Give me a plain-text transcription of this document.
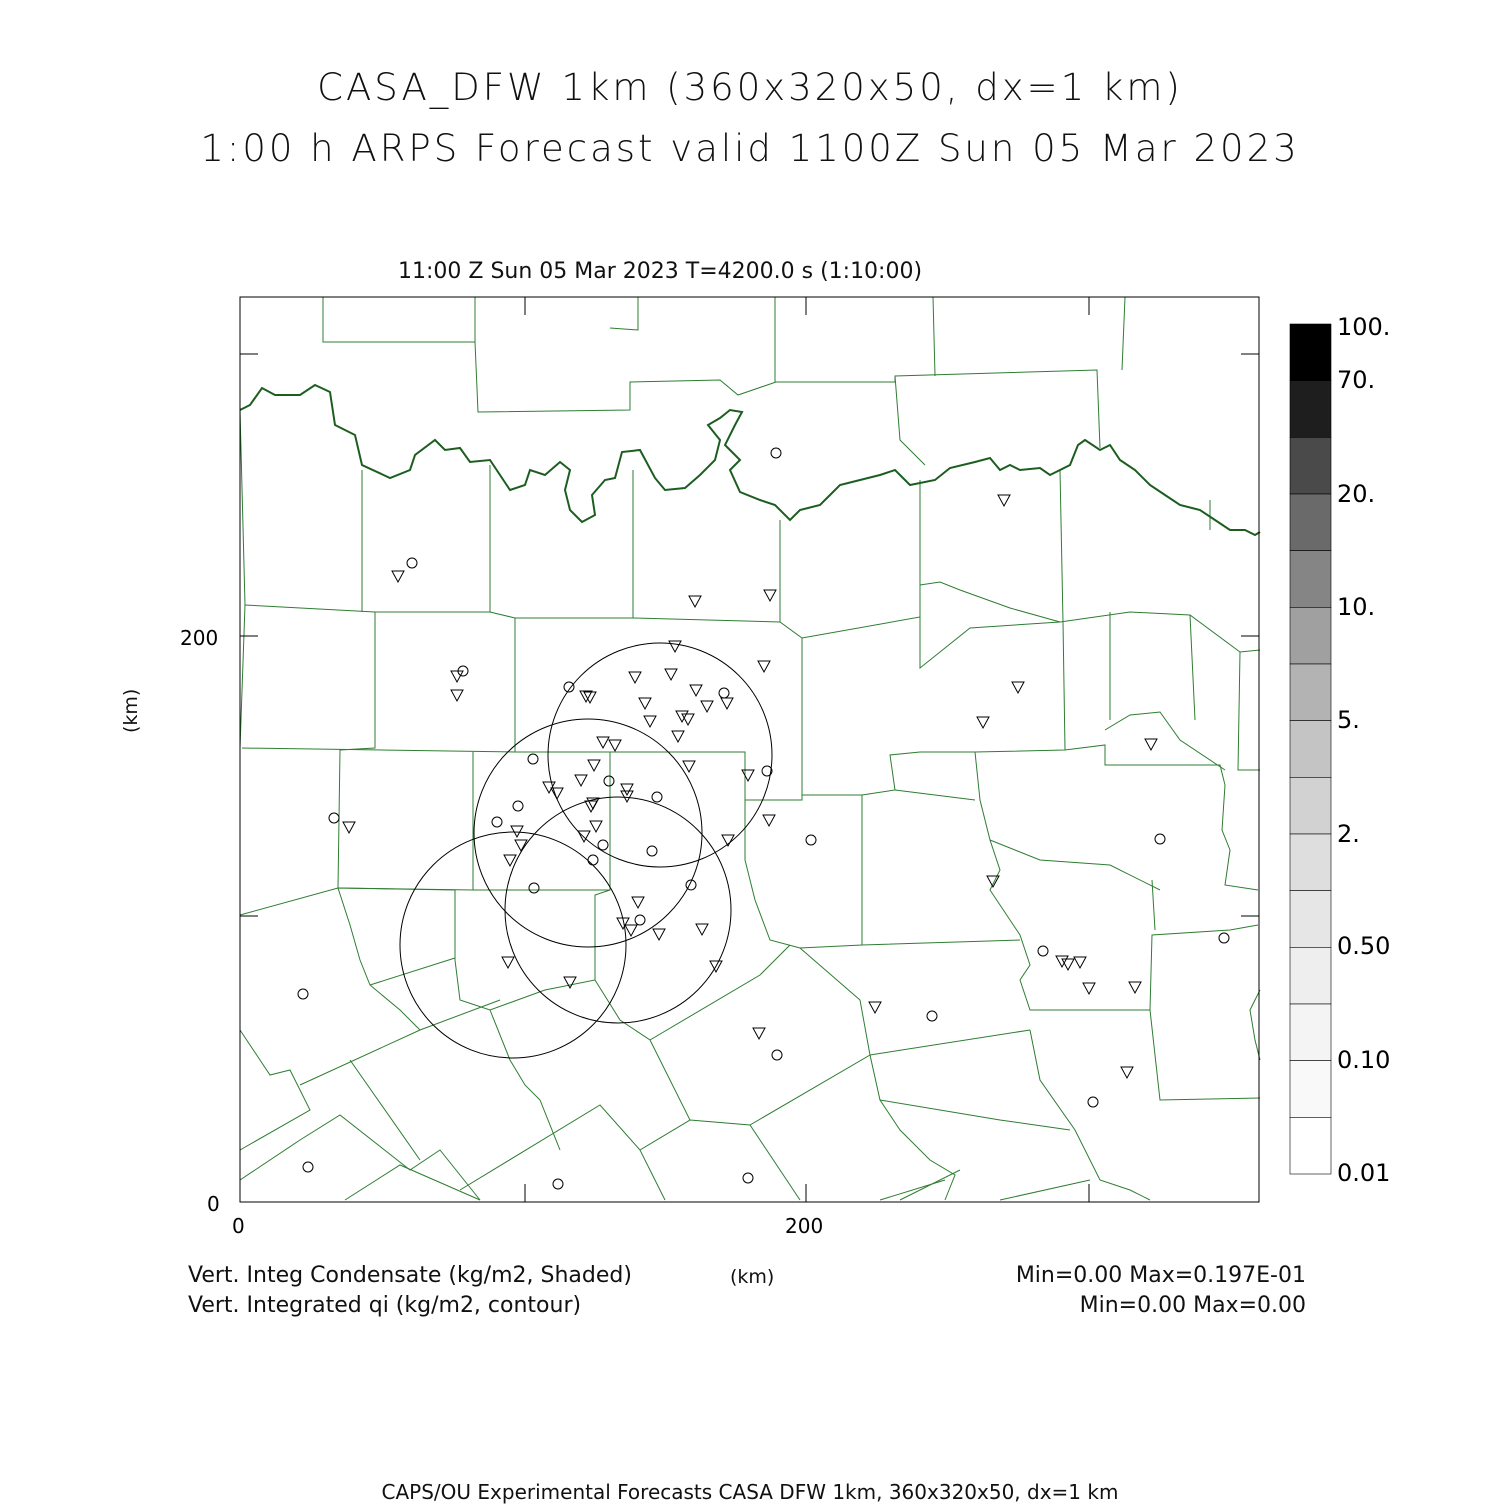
CASA_DFW 1km (360x320x50, dx=1 km)
1:00 h ARPS Forecast valid 1100Z Sun 05 Mar 2023
11:00 Z Sun 05 Mar 2023 T=4200.0 s (1:10:00)
200
0
0	200
(km)
(km)
Vert. Integ Condensate (kg/m2, Shaded)
Vert. Integrated qi (kg/m2, contour)
Min=0.00 Max=0.197E-01
Min=0.00 Max=0.00
100.
70.
20.
10.
5.
2.
0.50
0.10
0.01
CAPS/OU Experimental Forecasts CASA DFW 1km, 360x320x50, dx=1 km
